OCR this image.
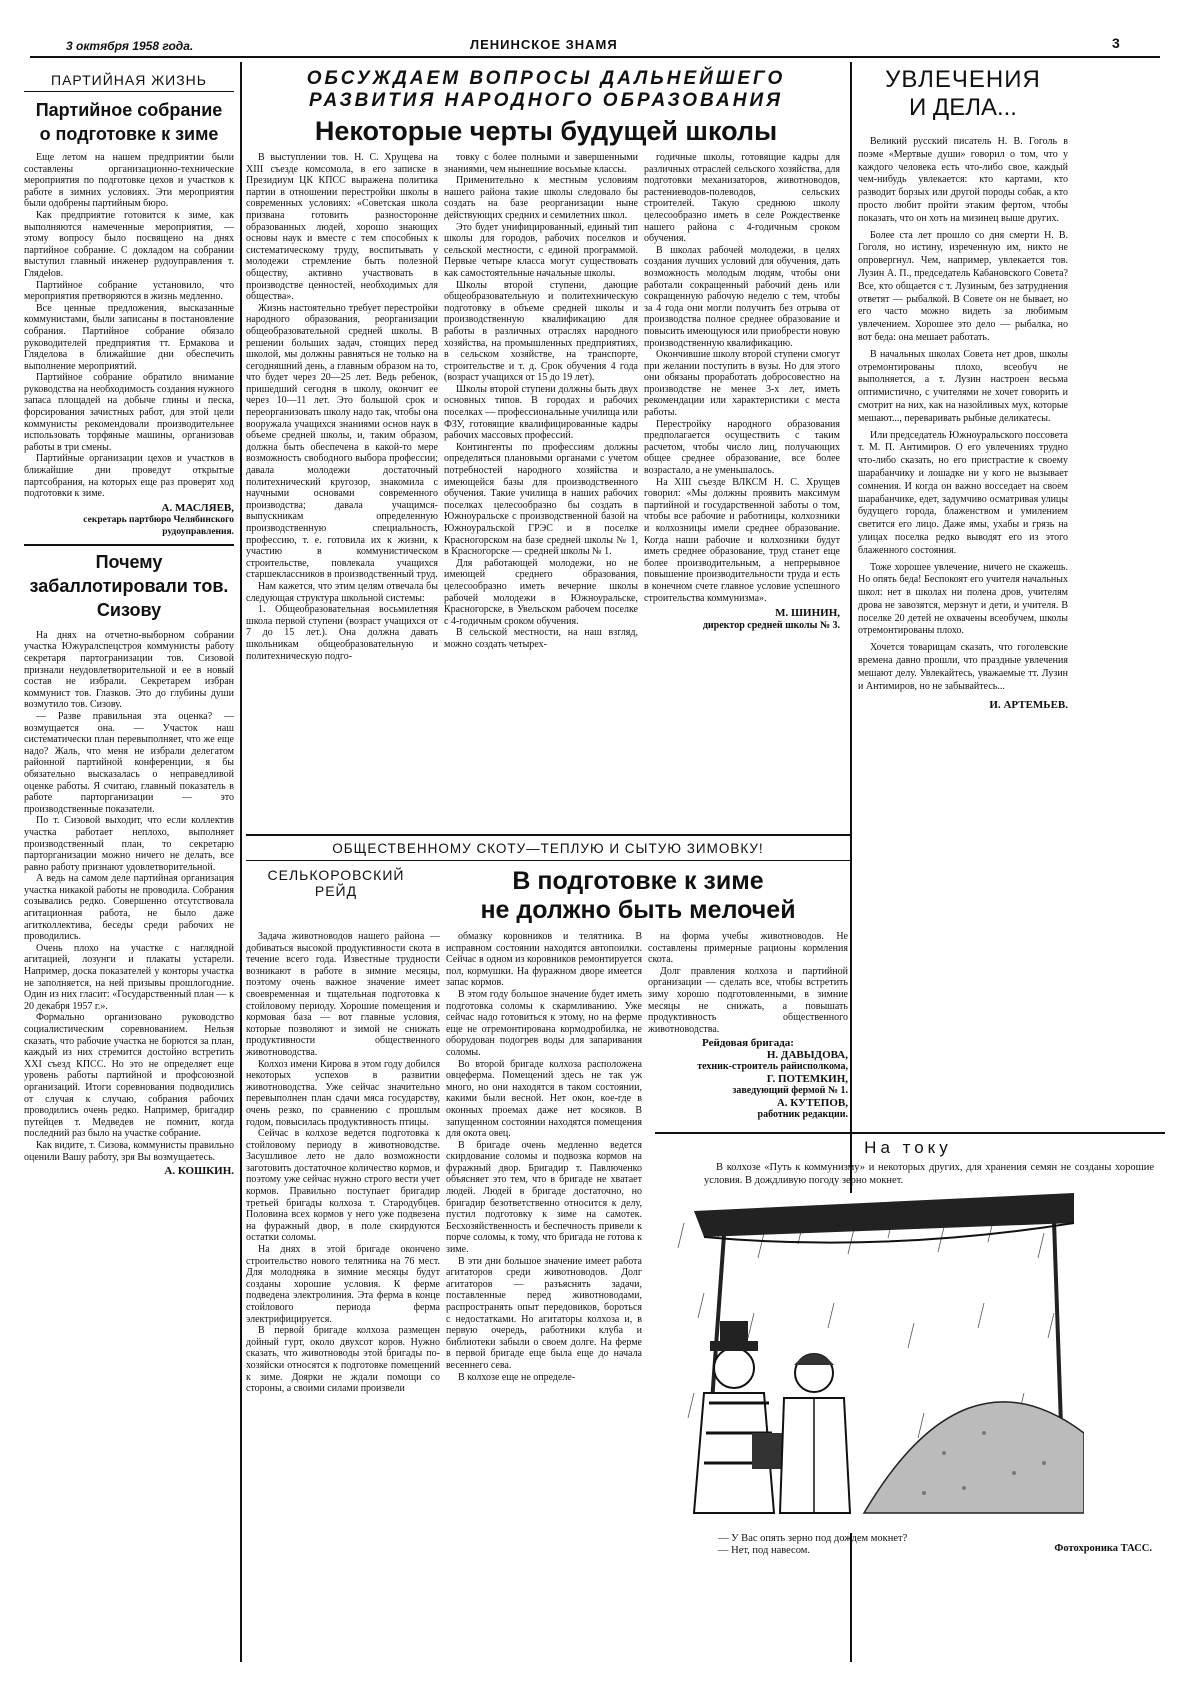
3 октября 1958 года.	ЛЕНИНСКОЕ ЗНАМЯ	3
ПАРТИЙНАЯ ЖИЗНЬ
Партийное собрание о подготовке к зиме

Еще летом на нашем предприятии были составлены организационно-технические мероприятия по подготовке цехов и участков к работе в зимних условиях. Эти мероприятия были одобрены партийным бюро.

Как предприятие готовится к зиме, как выполняются намеченные мероприятия, — этому вопросу было посвящено на днях партийное собрание. С докладом на собрании выступил главный инженер рудоуправления т. Глядełов.

Партийное собрание установило, что мероприятия претворяются в жизнь медленно.

Все ценные предложения, высказанные коммунистами, были записаны в постановление собрания. Партийное собрание обязало руководителей предприятия тт. Ермакова и Глядeлова в ближайшие дни обеспечить выполнение мероприятий.

Партийное собрание обратило внимание руководства на необходимость создания нужного запаса площадей на добыче глины и песка, форсирования зачистных работ, для этой цели коммунисты рекомендовали производительнее использовать торфяные машины, организовав работы в три смены.

Партийные организации цехов и участков в ближайшие дни проведут открытые партсобрания, на которых еще раз проверят ход подготовки к зиме.

А. МАСЛЯЕВ,
секретарь партбюро Челябинского рудоуправления.
Почему забаллотировали тов. Сизову

На днях на отчетно-выборном собрании участка Южуралспецстроя коммунисты работу секретаря партогранизации тов. Сизовой признали неудовлетворительной и ее в новый состав не избрали. Секретарем избран коммунист тов. Глазков. Это до глубины души возмутило тов. Сизову.

— Разве правильная эта оценка? — возмущается она. — Участок наш систематически план перевыполняет, что же еще надо? Жаль, что меня не избрали делегатом районной партийной конференции, я бы обязательно высказалась о неправедливой оценке работы. Я считаю, главный показатель в работе парторганизации — это производственные показатели.

По т. Сизовой выходит, что если коллектив участка работает неплохо, выполняет производственный план, то секретарю парторганизации можно ничего не делать, все равно работу признают удовлетворительной.

А ведь на самом деле партийная организация участка никакой работы не проводила. Собрания созывались редко. Совершенно отсутствовала агитационная работа, не было даже агитколлектива, беседы среди рабочих не проводились.

Очень плохо на участке с наглядной агитацией, лозунги и плакаты устарели. Например, доска показателей у конторы участка не заполняется, на ней призывы прошлогодние. Один из них гласит: «Государственный план — к 20 декабря 1957 г.».

Формально организовано руководство социалистическим соревнованием. Нельзя сказать, что рабочие участка не борются за план, каждый из них стремится достойно встретить XXI съезд КПСС. Но это не определяет еще уровень работы партийной и профсоюзной организаций. Итоги соревнования подводились от случая к случаю, собрания рабочих проводились очень редко. Например, бригадир путейцев т. Медведев не помнит, когда последний раз было на участке собрание.

Как видите, т. Сизова, коммунисты правильно оценили Вашу работу, зря Вы возмущаетесь.

А. КОШКИН.
ОБСУЖДАЕМ ВОПРОСЫ ДАЛЬНЕЙШЕГО
РАЗВИТИЯ НАРОДНОГО ОБРАЗОВАНИЯ
Некоторые черты будущей школы

В выступлении тов. Н. С. Хрущева на XIII съезде комсомола, в его записке в Президиум ЦК КПСС выражена политика партии в отношении перестройки школы в современных условиях: «Советская школа призвана готовить разносторонне образованных людей, хорошо знающих основы наук и вместе с тем способных к систематическому труду, воспитывать у молодежи стремление быть полезной обществу, активно участвовать в производстве ценностей, необходимых для общества».

Жизнь настоятельно требует перестройки народного образования, реорганизации общеобразовательной средней школы. В решении больших задач, стоящих перед школой, мы должны равняться не только на сегодняшний день, а главным образом на то, что будет через 20—25 лет. Ведь ребенок, пришедший сегодня в школу, окончит ее через 10—11 лет. Это большой срок и переорганизовать школу надо так, чтобы она вооружала учащихся знаниями основ наук в объеме средней школы, и, таким образом, должна быть обеспечена в какой-то мере возможность свободного выбора профессии; давала молодежи достаточный политехнический кругозор, знакомила с научными основами современного производства; давала учащимся-выпускникам определенную производственную специальность, профессию, т. е. готовила их к жизни, к участию в коммунистическом строительстве, повлекала учащихся старшеклассников в производственный труд.

Нам кажется, что этим целям отвечала бы следующая структура школьной системы:

1. Общеобразовательная восьмилетняя школа первой ступени (возраст учащихся от 7 до 15 лет.). Она должна давать школьникам общеобразовательную и политехническую подго-

товку с более полными и завершенными знаниями, чем нынешние восьмые классы.

Применительно к местным условиям нашего района такие школы следовало бы создать на базе реорганизации ныне действующих средних и семилетних школ.

Это будет унифицированный, единый тип школы для городов, рабочих поселков и сельской местности, с единой программой. Первые четыре класса могут существовать как самостоятельные начальные школы.

Школы второй ступени, дающие общеобразовательную и политехническую подготовку в объеме средней школы и производственную квалификацию для работы в различных отраслях народного хозяйства, на промышленных предприятиях, в сельском хозяйстве, на транспорте, строительстве и т. д. Срок обучения 4 года (возраст учащихся от 15 до 19 лет).

Школы второй ступени должны быть двух основных типов. В городах и рабочих поселках — профессиональные училища или ФЗУ, готовящие квалифицированные кадры рабочих массовых профессий.

Контингенты по профессиям должны определяться плановыми органами с учетом потребностей народного хозяйства и имеющейся базы для производственного обучения. Такие училища в наших рабочих поселках целесообразно бы создать в Южноуральске с производственной базой на Южноуральской ГРЭС и в поселке Красногорском на базе средней школы № 1, в Красногорске — средней школы № 1.

Для работающей молодежи, но не имеющей среднего образования, целесообразно иметь вечерние школы рабочей молодежи в Южноуральске, Красногорске, в Увельском рабочем поселке с 4-годичным сроком обучения.

В сельской местности, на наш взгляд, можно создать четырех-

годичные школы, готовящие кадры для различных отраслей сельского хозяйства, для подготовки механизаторов, животноводов, растениеводов-полеводов, сельских строителей. Такую среднюю школу целесообразно иметь в селе Рождественке нашего района с 4-годичным сроком обучения.

В школах рабочей молодежи, в целях создания лучших условий для обучения, дать возможность молодым людям, чтобы они работали сокращенный рабочий день или сокращенную рабочую неделю с тем, чтобы за 4 года они могли получить без отрыва от производства полное среднее образование и повысить имеющуюся или приобрести новую производственную квалификацию.

Окончившие школу второй ступени смогут при желании поступить в вузы. Но для этого они обязаны проработать добросовестно на производстве не менее 3-х лет, иметь рекомендации или характеристики с места работы.

Перестройку народного образования предполагается осуществить с таким расчетом, чтобы число лиц, получающих общее среднее образование, все более возрастало, а не уменьшалось.

На XIII съезде ВЛКСМ Н. С. Хрущев говорил: «Мы должны проявить максимум партийной и государственной заботы о том, чтобы все рабочие и работницы, колхозники и колхозницы имели среднее образование. Когда наши рабочие и колхозники будут иметь среднее образование, труд станет еще более производительным, а непрерывное повышение производительности труда и есть в конечном счете главное условие успешного строительства коммунизма».

М. ШИНИН,
директор средней школы № 3.
УВЛЕЧЕНИЯ
И ДЕЛА...

Великий русский писатель Н. В. Гоголь в поэме «Мертвые души» говорил о том, что у каждого человека есть что-либо свое, каждый чем-нибудь увлекается: кто картами, кто разводит борзых или другой породы собак, а кто просто любит пройти этаким фертом, чтобы показать, что он хоть на мизинец выше других.

Более ста лет прошло со дня смерти Н. В. Гоголя, но истину, изреченную им, никто не опровергнул. Чем, например, увлекается тов. Лузин А. П., председатель Кабановского Совета? Все, кто общается с т. Лузиным, без затруднения ответят — рыбалкой. В Совете он не бывает, но его часто можно видеть за любимым увлечением. Хорошее это дело — рыбалка, но вот беда: она мешает работать.

В начальных школах Совета нет дров, школы отремонтированы плохо, всеобуч не выполняется, а т. Лузин настроен весьма оптимистично, с учителями не хочет говорить и смотрит на них, как на назойливых мух, которые мешают..., переваривать рыбные деликатесы.

Или председатель Южноуральского поссовета т. М. П. Антимиров. О его увлечениях трудно что-либо сказать, но его пристрастие к своему шарабанчику и лошадке ни у кого не вызывает сомнения. И когда он важно восседает на своем шарабанчике, едет, задумчиво осматривая улицы будущего города, блаженством и умилением светится его лицо. Даже ямы, ухабы и грязь на улицах поселка редко выводят его из этого блаженного состояния.

Тоже хорошее увлечение, ничего не скажешь. Но опять беда! Беспокоят его учителя начальных школ: нет в школах ни полена дров, учителям дрова не завозятся, мерзнут и дети, и учителя. В поселке 20 детей не охвачены всеобучем, школы отремонтированы плохо.

Хочется товарищам сказать, что гоголевские времена давно прошли, что праздные увлечения мешают делу. Увлекайтесь, уважаемые тт. Лузин и Антимиров, но не забывайтесь...

И. АРТЕМЬЕВ.
ОБЩЕСТВЕННОМУ СКОТУ—ТЕПЛУЮ И СЫТУЮ ЗИМОВКУ!
СЕЛЬКОРОВСКИЙ
РЕЙД	В подготовке к зиме
не должно быть мелочей

Задача животноводов нашего района — добиваться высокой продуктивности скота в течение всего года. Известные трудности возникают в работе в зимние месяцы, поэтому очень важное значение имеет своевременная и тщательная подготовка к стойловому периоду. Хорошие помещения и кормовая база — вот главные условия, которые позволяют и зимой не снижать продуктивности общественного животноводства.

Колхоз имени Кирова в этом году добился некоторых успехов в развитии животноводства. Уже сейчас значительно перевыполнен план сдачи мяса государству, очень резко, по сравнению с прошлым годом, повысилась продуктивность птицы.

Сейчас в колхозе ведется подготовка к стойловому периоду в животноводстве. Засушливое лето не дало возможности заготовить достаточное количество кормов, и поэтому уже сейчас нужно строго вести учет кормов. Правильно поступает бригадир третьей бригады колхоза т. Стародубцев. Половина всех кормов у него уже подвезена на фуражный двор, в поле скирдуются остатки соломы.

На днях в этой бригаде окончено строительство нового телятника на 76 мест. Для молодняка в зимние месяцы будут созданы хорошие условия. К ферме подведена электролиния. Эта ферма в конце стойлового периода ферма электрифицируется.

В первой бригаде колхоза размещен дойный гурт, около двухсот коров. Нужно сказать, что животноводы этой бригады по-хозяйски относятся к подготовке помещений к зиме. Доярки не ждали помощи со стороны, а своими силами произвели

обмазку коровников и телятника. В исправном состоянии находятся автопоилки. Сейчас в одном из коровников ремонтируется пол, кормушки. На фуражном дворе имеется запас кормов.

В этом году большое значение будет иметь подготовка соломы к скармливанию. Уже сейчас надо готовиться к этому, но на ферме еще не отремонтирована кормодробилка, не оборудован подогрев воды для запаривания соломы.

Во второй бригаде колхоза расположена овцеферма. Помещений здесь не так уж много, но они находятся в таком состоянии, какими были весной. Нет окон, кое-где в оконных проемах даже нет косяков. В запущенном состоянии находятся помещения для окота овец.

В бригаде очень медленно ведется скирдование соломы и подвозка кормов на фуражный двор. Бригадир т. Павлюченко объясняет это тем, что в бригаде не хватает людей. Людей в бригаде достаточно, но бригадир безответственно относится к делу, пустил подготовку к зиме на самотек. Бесхозяйственность и беспечность привели к порче соломы, к тому, что бригада не готова к зиме.

В эти дни большое значение имеет работа агитаторов среди животноводов. Долг агитаторов — разъяснять задачи, поставленные перед животноводами, распространять опыт передовиков, бороться с недостатками. Но агитаторы колхоза и, в первую очередь, работники клуба и библиотеки забыли о своем долге. На ферме в первой бригаде еще была еще до начала весеннего сева.

В колхозе еще не определе-

на форма учебы животноводов. Не составлены примерные рационы кормления скота.

Долг правления колхоза и партийной организации — сделать все, чтобы встретить зиму хорошо подготовленными, в зимние месяцы не снижать, а повышать продуктивность общественного животноводства.

Рейдовая бригада:
Н. ДАВЫДОВА,
техник-строитель райисполкома,
Г. ПОТЕМКИН,
заведующий фермой № 1.
А. КУТЕПОВ,
работник редакции.
На току
В колхозе «Путь к коммунизму» и некоторых других, для хранения семян не созданы хорошие условия. В дождливую погоду зерно мокнет.
— У Вас опять зерно под дождем мокнет?
— Нет, под навесом.	Фотохроника ТАСС.
